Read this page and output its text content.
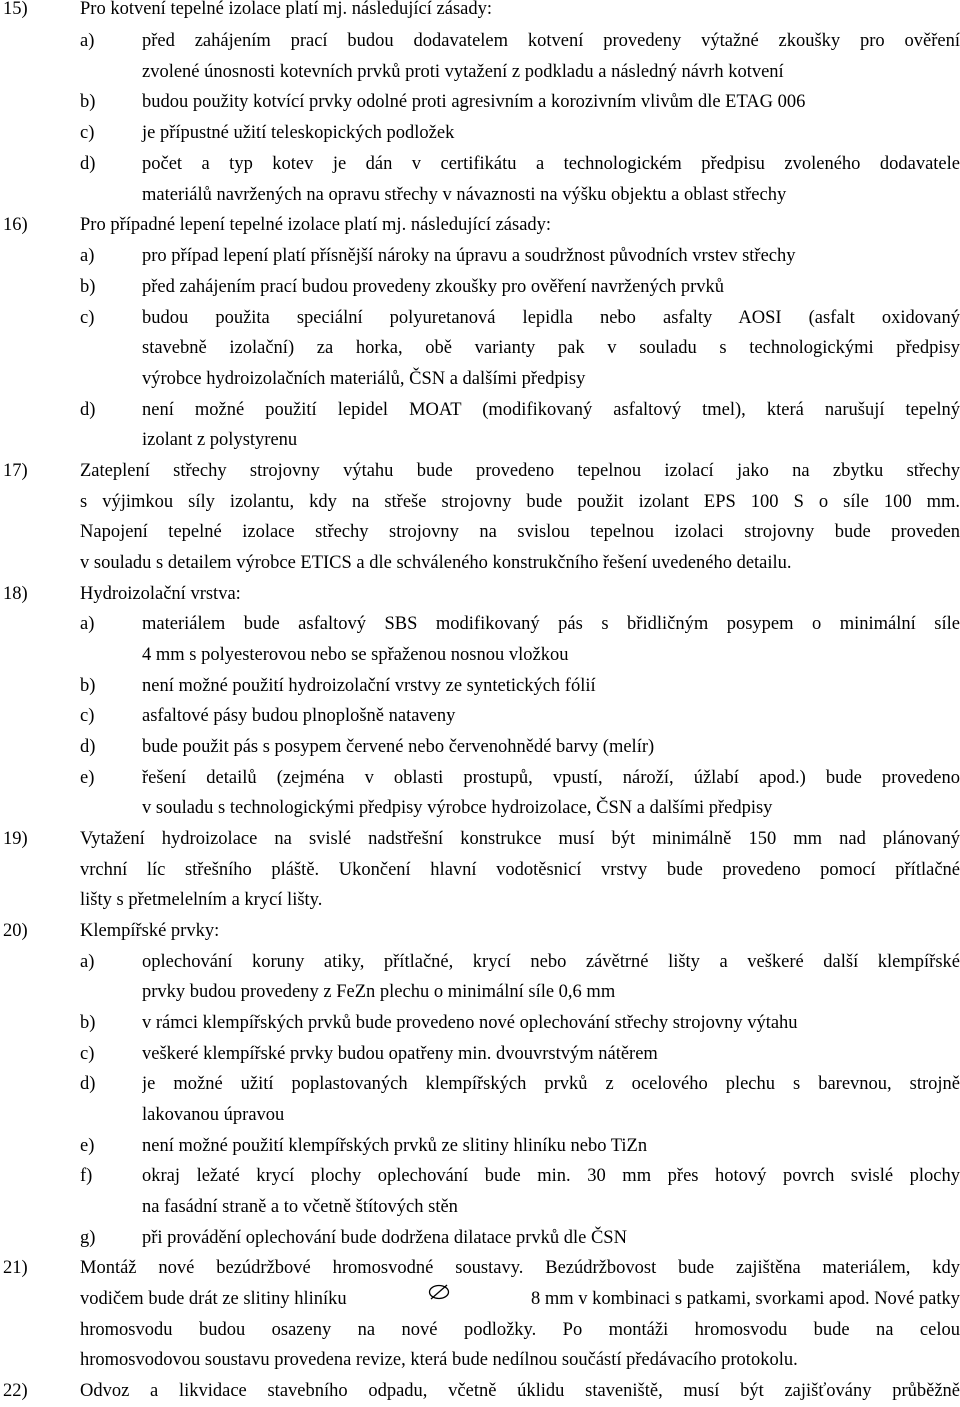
15)	Pro kotvení tepelné izolace platí mj. následující zásady:
a)	před zahájením prací budou dodavatelem kotvení provedeny výtažné zkoušky pro ověření
zvolené únosnosti kotevních prvků proti vytažení z podkladu a následný návrh kotvení
b)	budou použity kotvící prvky odolné proti agresivním a korozivním vlivům dle ETAG 006
c)	je přípustné užití teleskopických podložek
d)	počet a typ kotev je dán v certifikátu a technologickém předpisu zvoleného dodavatele
materiálů navržených na opravu střechy v návaznosti na výšku objektu a oblast střechy
16)	Pro případné lepení tepelné izolace platí mj. následující zásady:
a)	pro případ lepení platí přísnější nároky na úpravu a soudržnost původních vrstev střechy
b)	před zahájením prací budou provedeny zkoušky pro ověření navržených prvků
c)	budou použita speciální polyuretanová lepidla nebo asfalty AOSI (asfalt oxidovaný
stavebně izolační) za horka, obě varianty pak v souladu s technologickými předpisy
výrobce hydroizolačních materiálů, ČSN a dalšími předpisy
d)	není možné použití lepidel MOAT (modifikovaný asfaltový tmel), která narušují tepelný
izolant z polystyrenu
17)	Zateplení střechy strojovny výtahu bude provedeno tepelnou izolací jako na zbytku střechy
s výjimkou síly izolantu, kdy na střeše strojovny bude použit izolant EPS 100 S o síle 100 mm.
Napojení tepelné izolace střechy strojovny na svislou tepelnou izolaci strojovny bude proveden
v souladu s detailem výrobce ETICS a dle schváleného konstrukčního řešení uvedeného detailu.
18)	Hydroizolační vrstva:
a)	materiálem bude asfaltový SBS modifikovaný pás s břidličným posypem o minimální síle
4 mm s polyesterovou nebo se spřaženou nosnou vložkou
b)	není možné použití hydroizolační vrstvy ze syntetických fólií
c)	asfaltové pásy budou plnoplošně nataveny
d)	bude použit pás s posypem červené nebo červenohnědé barvy (melír)
e)	řešení detailů (zejména v oblasti prostupů, vpustí, nároží, úžlabí apod.) bude provedeno
v souladu s technologickými předpisy výrobce hydroizolace, ČSN a dalšími předpisy
19)	Vytažení hydroizolace na svislé nadstřešní konstrukce musí být minimálně 150 mm nad plánovaný
vrchní líc střešního pláště. Ukončení hlavní vodotěsnicí vrstvy bude provedeno pomocí přítlačné
lišty s přetmelelním a krycí lišty.
20)	Klempířské prvky:
a)	oplechování koruny atiky, přítlačné, krycí nebo závětrné lišty a veškeré další klempířské
prvky budou provedeny z FeZn plechu o minimální síle 0,6 mm
b)	v rámci klempířských prvků bude provedeno nové oplechování střechy strojovny výtahu
c)	veškeré klempířské prvky budou opatřeny min. dvouvrstvým nátěrem
d)	je možné užití poplastovaných klempířských prvků z ocelového plechu s barevnou, strojně
lakovanou úpravou
e)	není možné použití klempířských prvků ze slitiny hliníku nebo TiZn
f)	okraj ležaté krycí plochy oplechování bude min. 30 mm přes hotový povrch svislé plochy
na fasádní straně a to včetně štítových stěn
g)	při provádění oplechování bude dodržena dilatace prvků dle ČSN
21)	Montáž nové bezúdržbové hromosvodné soustavy. Bezúdržbovost bude zajištěna materiálem, kdy
vodičem bude drát ze slitiny hliníku	8 mm v kombinaci s patkami, svorkami apod. Nové patky
hromosvodu budou osazeny na nové podložky. Po montáži hromosvodu bude na celou
hromosvodovou soustavu provedena revize, která bude nedílnou součástí předávacího protokolu.
22)	Odvoz a likvidace stavebního odpadu, včetně úklidu staveniště, musí být zajišťovány průběžně
